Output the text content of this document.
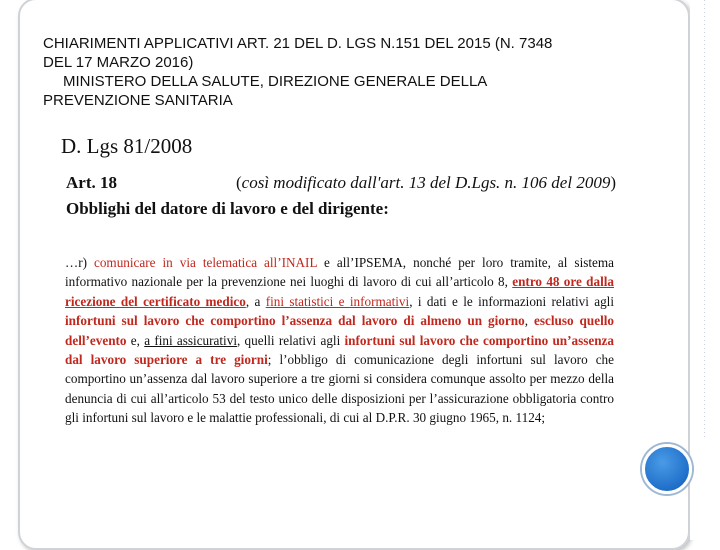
CHIARIMENTI APPLICATIVI ART. 21 DEL D. LGS N.151 DEL 2015 (N. 7348
DEL 17 MARZO 2016)
MINISTERO DELLA SALUTE, DIREZIONE GENERALE DELLA
PREVENZIONE SANITARIA
D. Lgs 81/2008
Art. 18	(così modificato dall'art. 13 del D.Lgs. n. 106 del 2009)
Obblighi del datore di lavoro e del dirigente:
…r) comunicare in via telematica all’INAIL e all’IPSEMA, nonché per loro tramite, al sistema informativo nazionale per la prevenzione nei luoghi di lavoro di cui all’articolo 8, entro 48 ore dalla ricezione del certificato medico, a fini statistici e informativi, i dati e le informazioni relativi agli infortuni sul lavoro che comportino l’assenza dal lavoro di almeno un giorno, escluso quello dell’evento e, a fini assicurativi, quelli relativi agli infortuni sul lavoro che comportino un’assenza dal lavoro superiore a tre giorni; l’obbligo di comunicazione degli infortuni sul lavoro che comportino un’assenza dal lavoro superiore a tre giorni si considera comunque assolto per mezzo della denuncia di cui all’articolo 53 del testo unico delle disposizioni per l’assicurazione obbligatoria contro gli infortuni sul lavoro e le malattie professionali, di cui al D.P.R. 30 giugno 1965, n. 1124;
